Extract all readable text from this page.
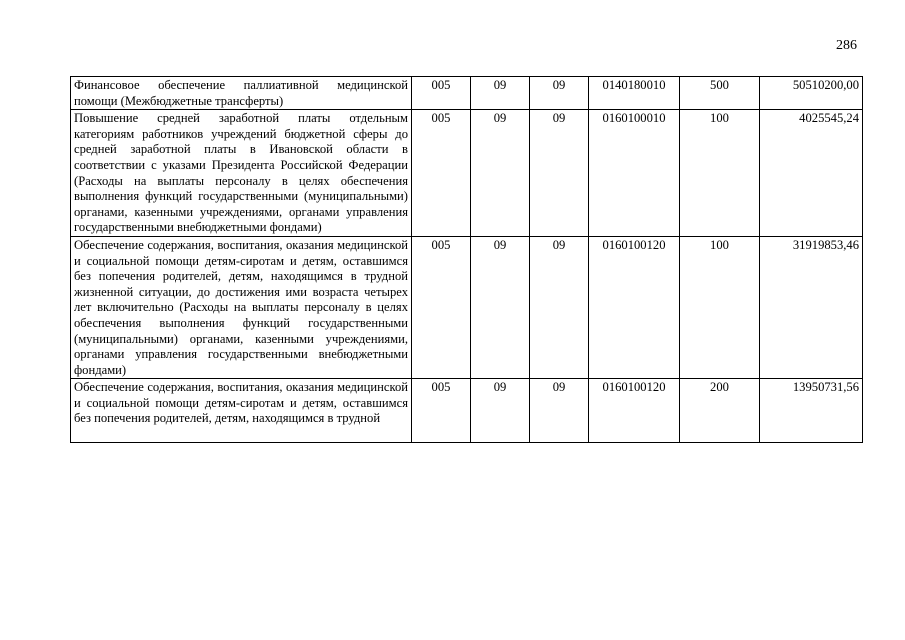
286
Финансовое обеспечение паллиативной медицинской помощи (Межбюджетные трансферты)	005	09	09	0140180010	500	50510200,00
Повышение средней заработной платы отдельным категориям работников учреждений бюджетной сферы до средней заработной платы в Ивановской области в соответствии с указами Президента Российской Федерации (Расходы на выплаты персоналу в целях обеспечения выполнения функций государственными (муниципальными) органами, казенными учреждениями, органами управления государственными внебюджетными фондами)	005	09	09	0160100010	100	4025545,24
Обеспечение содержания, воспитания, оказания медицинской и социальной помощи детям-сиротам и детям, оставшимся без попечения родителей, детям, находящимся в трудной жизненной ситуации, до достижения ими возраста четырех лет включительно (Расходы на выплаты персоналу в целях обеспечения выполнения функций государственными (муниципальными) органами, казенными учреждениями, органами управления государственными внебюджетными фондами)	005	09	09	0160100120	100	31919853,46

Обеспечение содержания, воспитания, оказания медицинской и социальной помощи детям-сиротам и детям, оставшимся без попечения родителей, детям, находящимся в трудной	005	09	09	0160100120	200	13950731,56
